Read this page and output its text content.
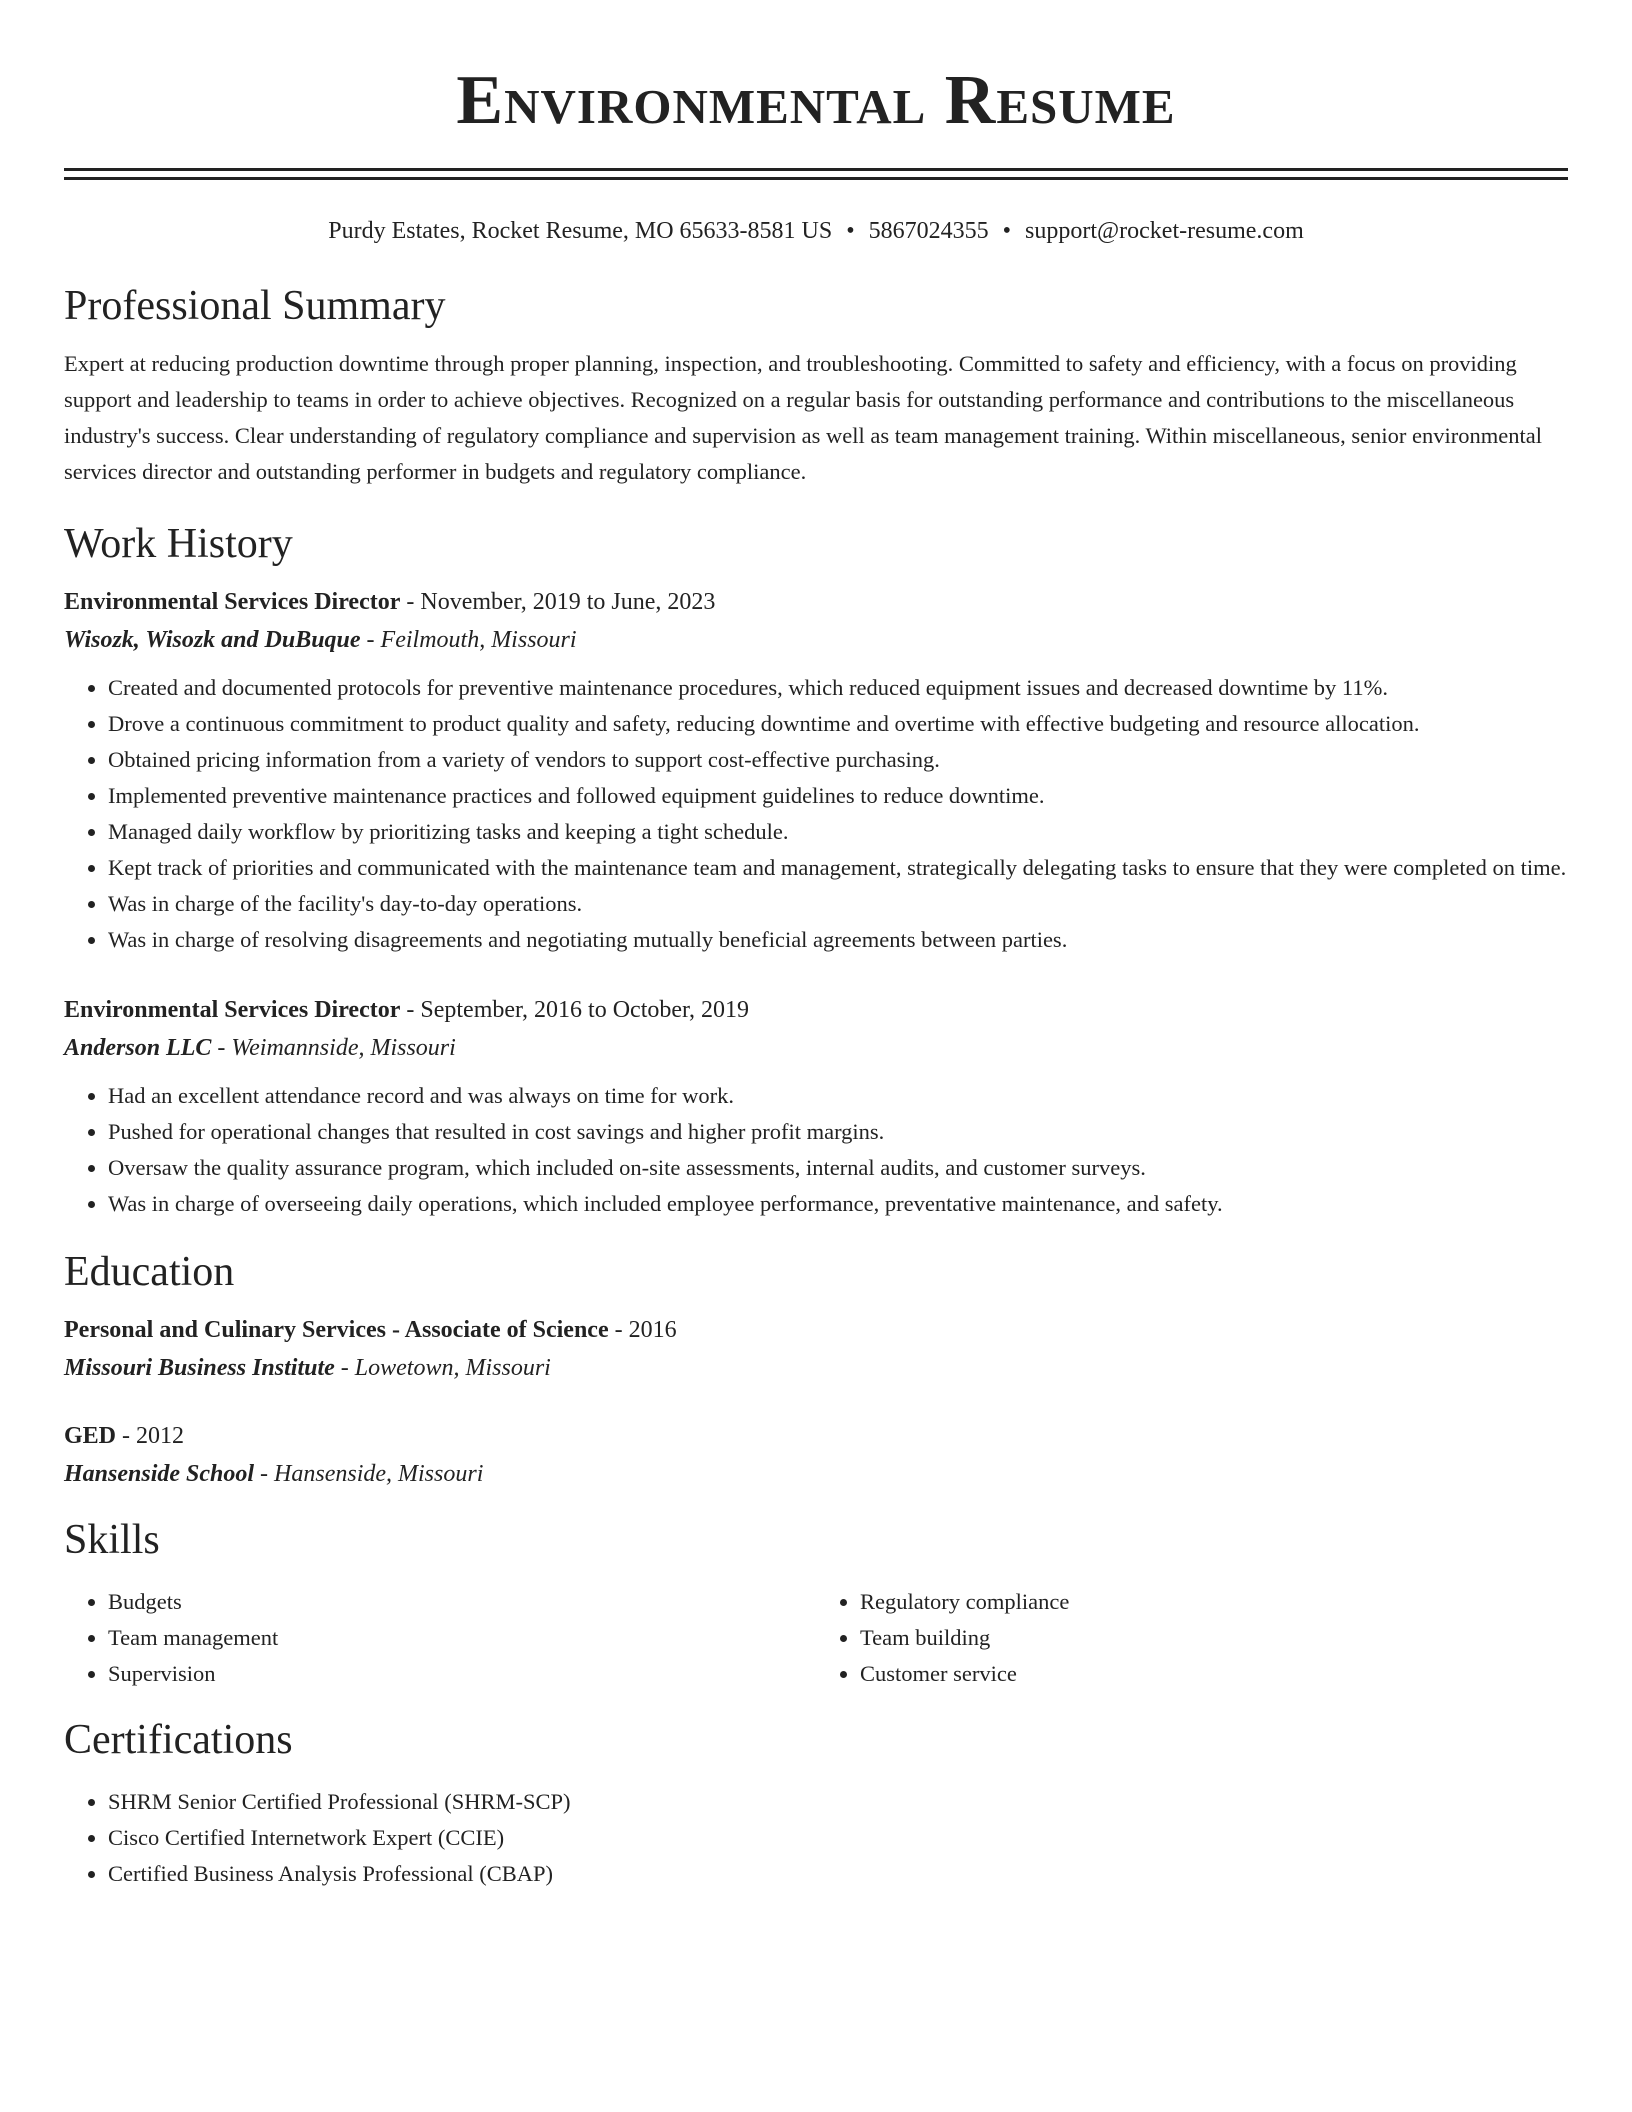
Environmental Resume
Purdy Estates, Rocket Resume, MO 65633-8581 US • 5867024355 • support@rocket-resume.com
Professional Summary

Expert at reducing production downtime through proper planning, inspection, and troubleshooting. Committed to safety and efficiency, with a focus on providing support and leadership to teams in order to achieve objectives. Recognized on a regular basis for outstanding performance and contributions to the miscellaneous industry's success. Clear understanding of regulatory compliance and supervision as well as team management training. Within miscellaneous, senior environmental services director and outstanding performer in budgets and regulatory compliance.

Work History

Environmental Services Director - November, 2019 to June, 2023

Wisozk, Wisozk and DuBuque - Feilmouth, Missouri

• Created and documented protocols for preventive maintenance procedures, which reduced equipment issues and decreased downtime by 11%.
• Drove a continuous commitment to product quality and safety, reducing downtime and overtime with effective budgeting and resource allocation.
• Obtained pricing information from a variety of vendors to support cost-effective purchasing.
• Implemented preventive maintenance practices and followed equipment guidelines to reduce downtime.
• Managed daily workflow by prioritizing tasks and keeping a tight schedule.
• Kept track of priorities and communicated with the maintenance team and management, strategically delegating tasks to ensure that they were completed on time.
• Was in charge of the facility's day-to-day operations.
• Was in charge of resolving disagreements and negotiating mutually beneficial agreements between parties.

Environmental Services Director - September, 2016 to October, 2019

Anderson LLC - Weimannside, Missouri

• Had an excellent attendance record and was always on time for work.
• Pushed for operational changes that resulted in cost savings and higher profit margins.
• Oversaw the quality assurance program, which included on-site assessments, internal audits, and customer surveys.
• Was in charge of overseeing daily operations, which included employee performance, preventative maintenance, and safety.
Education

Personal and Culinary Services - Associate of Science - 2016

Missouri Business Institute - Lowetown, Missouri

GED - 2012

Hansenside School - Hansenside, Missouri

Skills
• Budgets
• Team management
• Supervision
• Regulatory compliance
• Team building
• Customer service
Certifications
• SHRM Senior Certified Professional (SHRM-SCP)
• Cisco Certified Internetwork Expert (CCIE)
• Certified Business Analysis Professional (CBAP)
